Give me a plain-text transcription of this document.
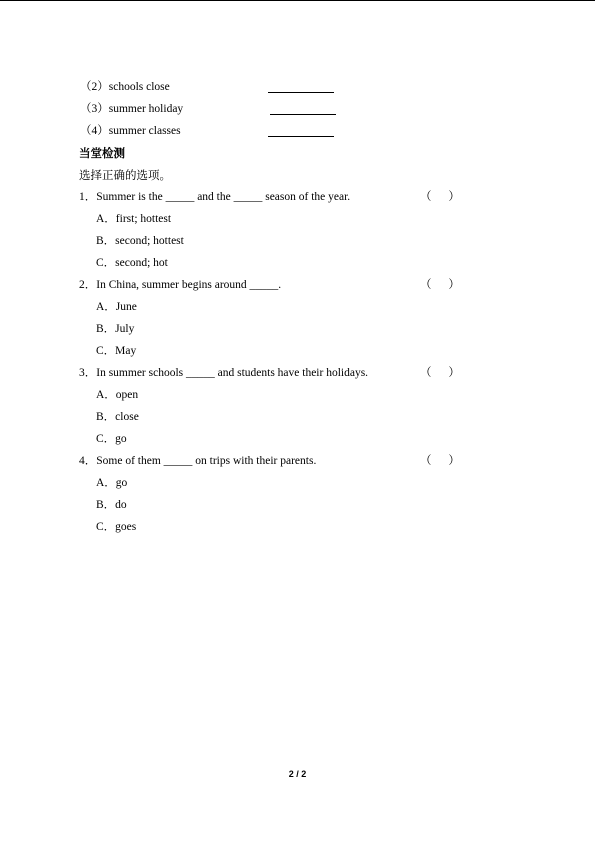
（2）schools close
（3）summer holiday
（4）summer classes
当堂检测
选择正确的选项。
1．Summer is the _____ and the _____ season of the year.	（ ）
A．first; hottest
B．second; hottest
C．second; hot
2．In China, summer begins around _____.	（ ）
A．June
B．July
C．May
3．In summer schools _____ and students have their holidays.	（ ）
A．open
B．close
C．go
4．Some of them _____ on trips with their parents.	（ ）
A．go
B．do
C．goes
2 / 2
